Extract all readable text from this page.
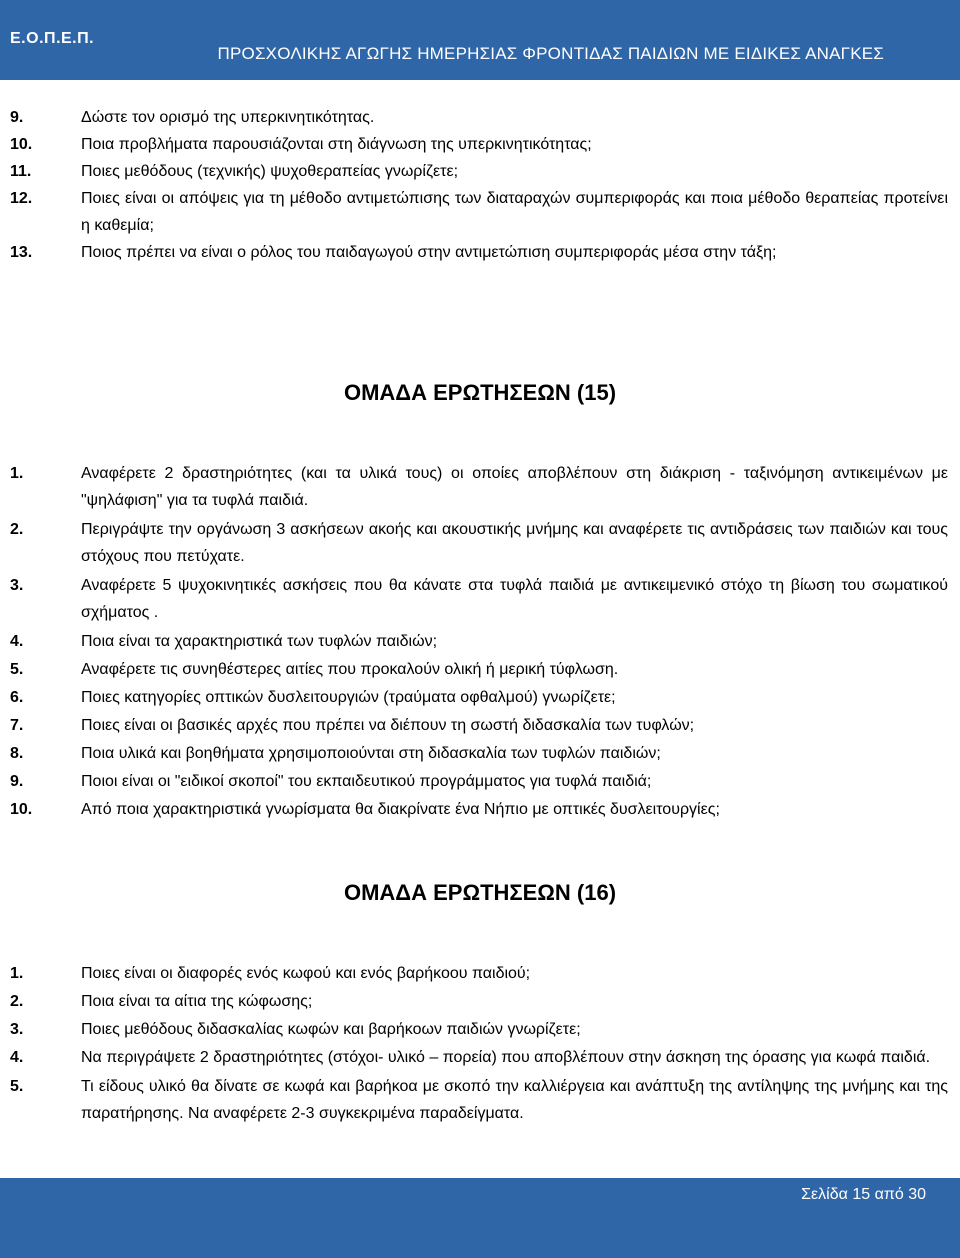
Ε.Ο.Π.Ε.Π.
ΠΡΟΣΧΟΛΙΚΗΣ ΑΓΩΓΗΣ ΗΜΕΡΗΣΙΑΣ ΦΡΟΝΤΙΔΑΣ ΠΑΙΔΙΩΝ ΜΕ ΕΙΔΙΚΕΣ ΑΝΑΓΚΕΣ
9.	Δώστε τον ορισμό της υπερκινητικότητας.
10.	Ποια προβλήματα παρουσιάζονται στη διάγνωση της υπερκινητικότητας;
11.	Ποιες μεθόδους (τεχνικής) ψυχοθεραπείας γνωρίζετε;
12.	Ποιες είναι οι απόψεις για τη μέθοδο αντιμετώπισης των διαταραχών συμπεριφοράς και ποια μέθοδο θεραπείας προτείνει η καθεμία;
13.	Ποιος πρέπει να είναι ο ρόλος του παιδαγωγού στην αντιμετώπιση συμπεριφοράς μέσα στην τάξη;
ΟΜΑΔΑ ΕΡΩΤΗΣΕΩΝ (15)
1.	Αναφέρετε 2 δραστηριότητες (και τα υλικά τους) οι οποίες αποβλέπουν στη διάκριση - ταξινόμηση αντικειμένων με "ψηλάφιση" για τα τυφλά παιδιά.
2.	Περιγράψτε την οργάνωση 3 ασκήσεων ακοής και ακουστικής μνήμης και αναφέρετε τις αντιδράσεις των παιδιών και τους στόχους που πετύχατε.
3.	Αναφέρετε 5 ψυχοκινητικές ασκήσεις που θα κάνατε στα τυφλά παιδιά με αντικειμενικό στόχο τη βίωση του σωματικού σχήματος .
4.	Ποια είναι τα χαρακτηριστικά των τυφλών παιδιών;
5.	Αναφέρετε τις συνηθέστερες αιτίες που προκαλούν ολική ή μερική τύφλωση.
6.	Ποιες κατηγορίες οπτικών δυσλειτουργιών (τραύματα οφθαλμού) γνωρίζετε;
7.	Ποιες είναι οι βασικές αρχές που πρέπει να διέπουν τη σωστή διδασκαλία των τυφλών;
8.	Ποια υλικά και βοηθήματα χρησιμοποιούνται στη διδασκαλία των τυφλών παιδιών;
9.	Ποιοι είναι οι "ειδικοί σκοποί" του εκπαιδευτικού προγράμματος για τυφλά παιδιά;
10.	Από ποια χαρακτηριστικά γνωρίσματα θα διακρίνατε ένα Νήπιο με οπτικές δυσλειτουργίες;
ΟΜΑΔΑ ΕΡΩΤΗΣΕΩΝ (16)
1.	Ποιες είναι οι διαφορές ενός κωφού και ενός βαρήκοου παιδιού;
2.	Ποια είναι τα αίτια της κώφωσης;
3.	Ποιες μεθόδους διδασκαλίας κωφών και βαρήκοων παιδιών γνωρίζετε;
4.	Να περιγράψετε 2 δραστηριότητες (στόχοι- υλικό – πορεία) που αποβλέπουν στην άσκηση της όρασης για κωφά παιδιά.
5.	Τι είδους υλικό θα δίνατε σε κωφά και βαρήκοα με σκοπό την καλλιέργεια και ανάπτυξη της αντίληψης της μνήμης και της παρατήρησης. Να αναφέρετε 2-3 συγκεκριμένα παραδείγματα.
Σελίδα 15 από 30
